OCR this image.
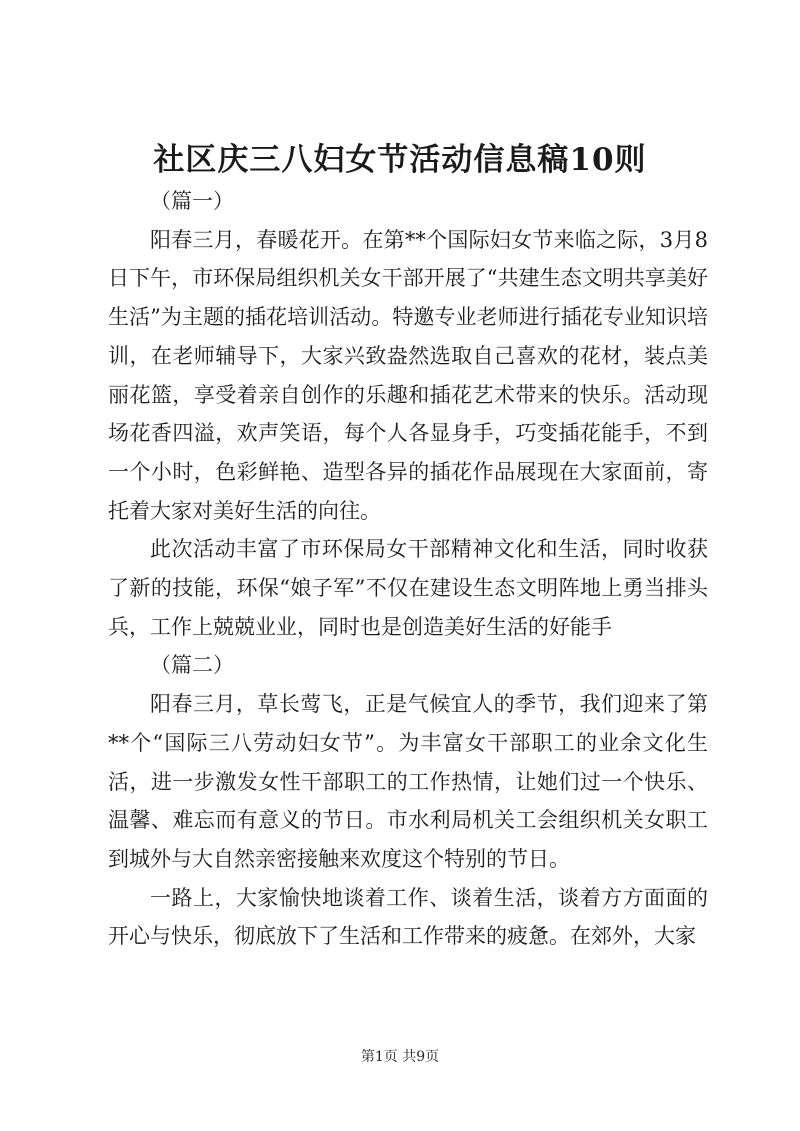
社区庆三八妇女节活动信息稿10则

（篇一）

阳春三月，春暖花开。在第**个国际妇女节来临之际，3月8日下午，市环保局组织机关女干部开展了“共建生态文明共享美好生活”为主题的插花培训活动。特邀专业老师进行插花专业知识培训，在老师辅导下，大家兴致盎然选取自己喜欢的花材，装点美丽花篮，享受着亲自创作的乐趣和插花艺术带来的快乐。活动现场花香四溢，欢声笑语，每个人各显身手，巧变插花能手，不到一个小时，色彩鲜艳、造型各异的插花作品展现在大家面前，寄托着大家对美好生活的向往。

此次活动丰富了市环保局女干部精神文化和生活，同时收获了新的技能，环保“娘子军”不仅在建设生态文明阵地上勇当排头兵，工作上兢兢业业，同时也是创造美好生活的好能手

（篇二）

阳春三月，草长莺飞，正是气候宜人的季节，我们迎来了第**个“国际三八劳动妇女节”。为丰富女干部职工的业余文化生活，进一步激发女性干部职工的工作热情，让她们过一个快乐、温馨、难忘而有意义的节日。市水利局机关工会组织机关女职工到城外与大自然亲密接触来欢度这个特别的节日。

一路上，大家愉快地谈着工作、谈着生活，谈着方方面面的开心与快乐，彻底放下了生活和工作带来的疲惫。在郊外，大家

第1页 共9页
